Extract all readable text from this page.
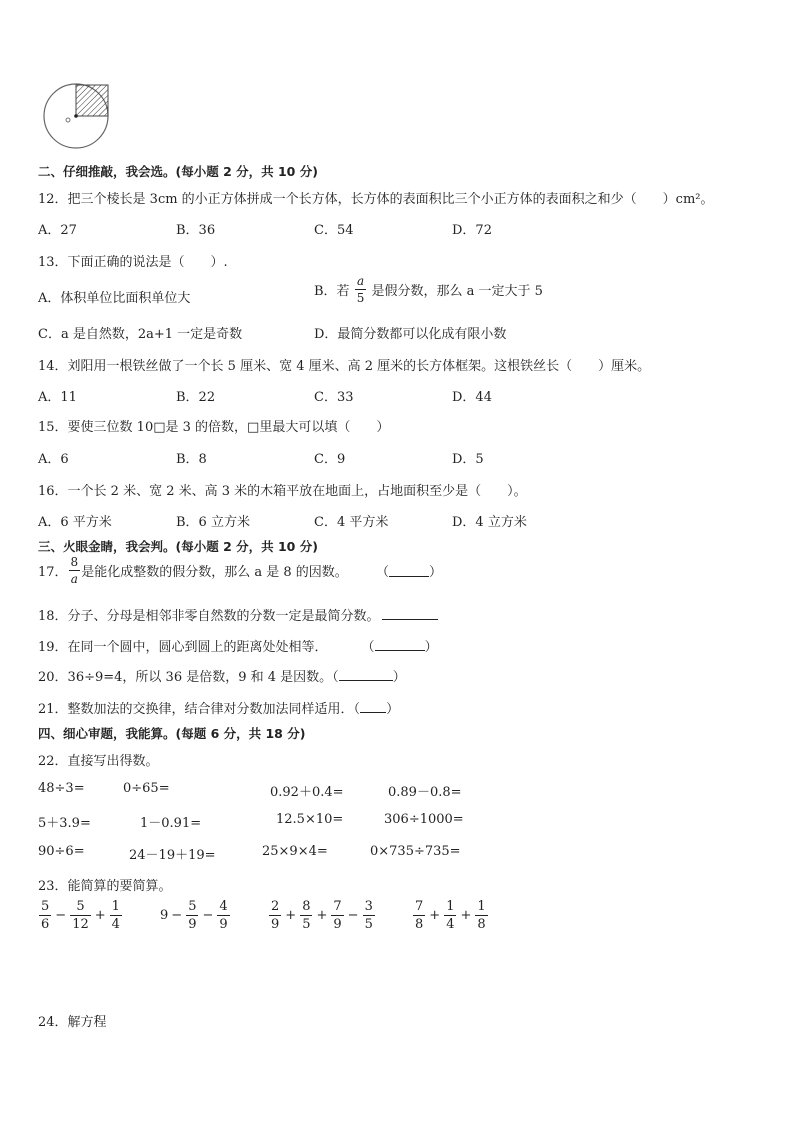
二、仔细推敲，我会选。(每小题 2 分，共 10 分)
12．把三个棱长是 3cm 的小正方体拼成一个长方体，长方体的表面积比三个小正方体的表面积之和少（　　）cm²。
A．27	B．36	C．54	D．72
13．下面正确的说法是（　　）.
A．体积单位比面积单位大	B．若 $\frac{a}{5}$ 是假分数，那么 a 一定大于 5
C．a 是自然数，2a+1 一定是奇数	D．最简分数都可以化成有限小数
14．刘阳用一根铁丝做了一个长 5 厘米、宽 4 厘米、高 2 厘米的长方体框架。这根铁丝长（　　）厘米。
A．11	B．22	C．33	D．44
15．要使三位数 10□是 3 的倍数，□里最大可以填（　　）
A．6	B．8	C．9	D．5
16．一个长 2 米、宽 2 米、高 3 米的木箱平放在地面上，占地面积至少是（　　）。
A．6 平方米	B．6 立方米	C．4 平方米	D．4 立方米
三、火眼金睛，我会判。(每小题 2 分，共 10 分)
17． $\frac{8}{a}$ 是能化成整数的假分数，那么 a 是 8 的因数。 （	）
18．分子、分母是相邻非零自然数的分数一定是最简分数。
19．在同一个圆中，圆心到圆上的距离处处相等．	（	）
20．36÷9=4，所以 36 是倍数，9 和 4 是因数。（	）
21．整数加法的交换律，结合律对分数加法同样适用．（ ）
四、细心审题，我能算。(每题 6 分，共 18 分)
22．直接写出得数。
48÷3=	0÷65=	0.92＋0.4=	0.89－0.8=
5＋3.9=	1－0.91=	12.5×10=	306÷1000=
90÷6=	24－19＋19=	25×9×4=	0×735÷735=
23．能简算的要简算。
$\frac{5}{6} - \frac{5}{12} + \frac{1}{4}$	$9 - \frac{5}{9} - \frac{4}{9}$	$\frac{2}{9} + \frac{8}{5} + \frac{7}{9} - \frac{3}{5}$	$\frac{7}{8} + \frac{1}{4} + \frac{1}{8}$
24．解方程
